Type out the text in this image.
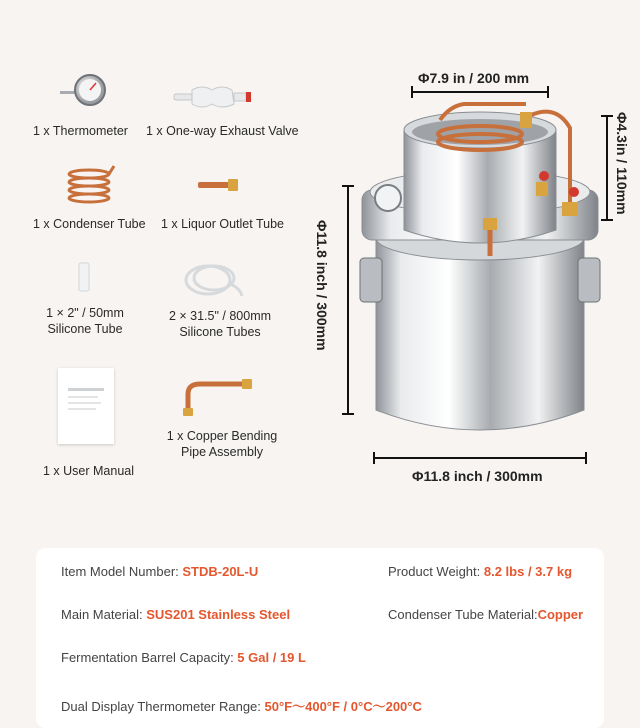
1 x Thermometer 1 x One-way Exhaust Valve
1 x Condenser Tube 1 x Liquor Outlet Tube
1 × 2" / 50mm
Silicone Tube
2 × 31.5" / 800mm
Silicone Tubes
1 x User Manual
1 x Copper Bending
Pipe Assembly
Φ7.9 in / 200 mm
Φ4.3in / 110mm
Φ11.8 inch / 300mm
Φ11.8 inch / 300mm
Item Model Number: STDB-20L-U	Product Weight: 8.2 lbs / 3.7 kg
Main Material: SUS201 Stainless Steel	Condenser Tube Material:Copper
Fermentation Barrel Capacity: 5 Gal / 19 L
Dual Display Thermometer Range: 50°F～400°F / 0°C～200°C
